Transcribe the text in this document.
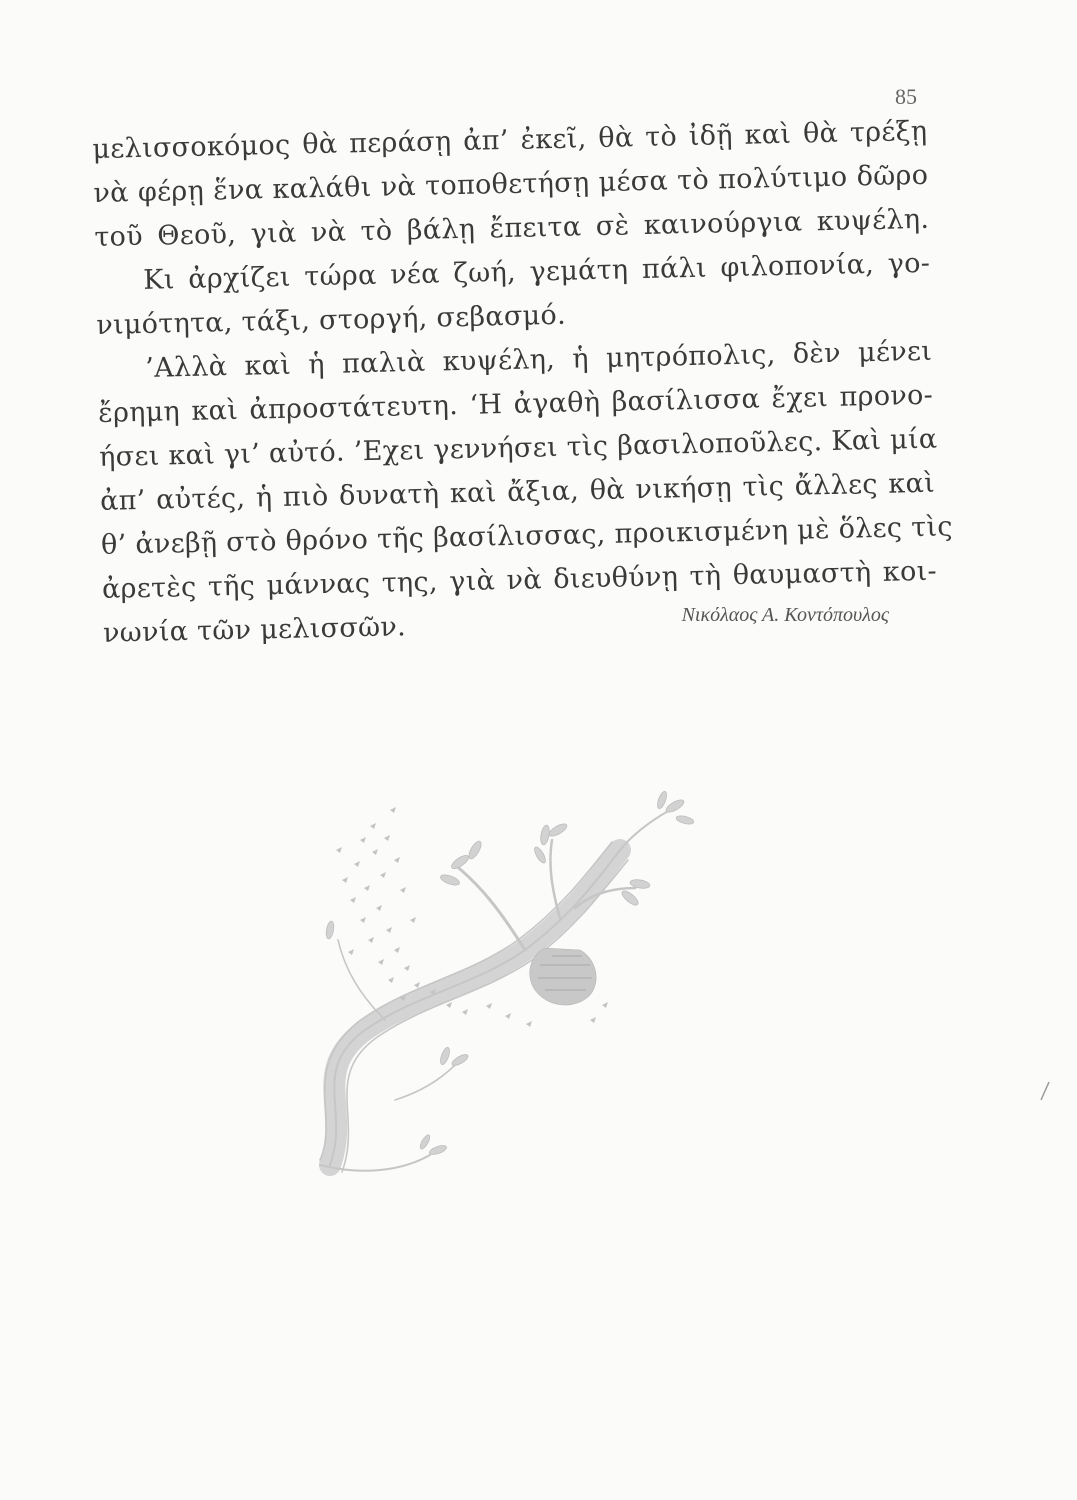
85
μελισσοκόμος θὰ περάσῃ ἀπ’ ἐκεῖ, θὰ τὸ ἰδῇ καὶ θὰ τρέξῃ
νὰ φέρῃ ἕνα καλάθι νὰ τοποθετήσῃ μέσα τὸ πολύτιμο δῶρο
τοῦ Θεοῦ, γιὰ νὰ τὸ βάλῃ ἔπειτα σὲ καινούργια κυψέλη.
Κι ἀρχίζει τώρα νέα ζωή, γεμάτη πάλι φιλοπονία, γο-
νιμότητα, τάξι, στοργή, σεβασμό.
’Αλλὰ καὶ ἡ παλιὰ κυψέλη, ἡ μητρόπολις, δὲν μένει
ἔρημη καὶ ἀπροστάτευτη. ‘Η ἀγαθὴ βασίλισσα ἔχει προνο-
ήσει καὶ γι’ αὐτό. ’Εχει γεννήσει τὶς βασιλοποῦλες. Καὶ μία
ἀπ’ αὐτές, ἡ πιὸ δυνατὴ καὶ ἄξια, θὰ νικήσῃ τὶς ἄλλες καὶ
θ’ ἀνεβῇ στὸ θρόνο τῆς βασίλισσας, προικισμένη μὲ ὅλες τὶς
ἀρετὲς τῆς μάννας της, γιὰ νὰ διευθύνῃ τὴ θαυμαστὴ κοι-
νωνία τῶν μελισσῶν.	Νικόλαος Α. Κοντόπουλος
